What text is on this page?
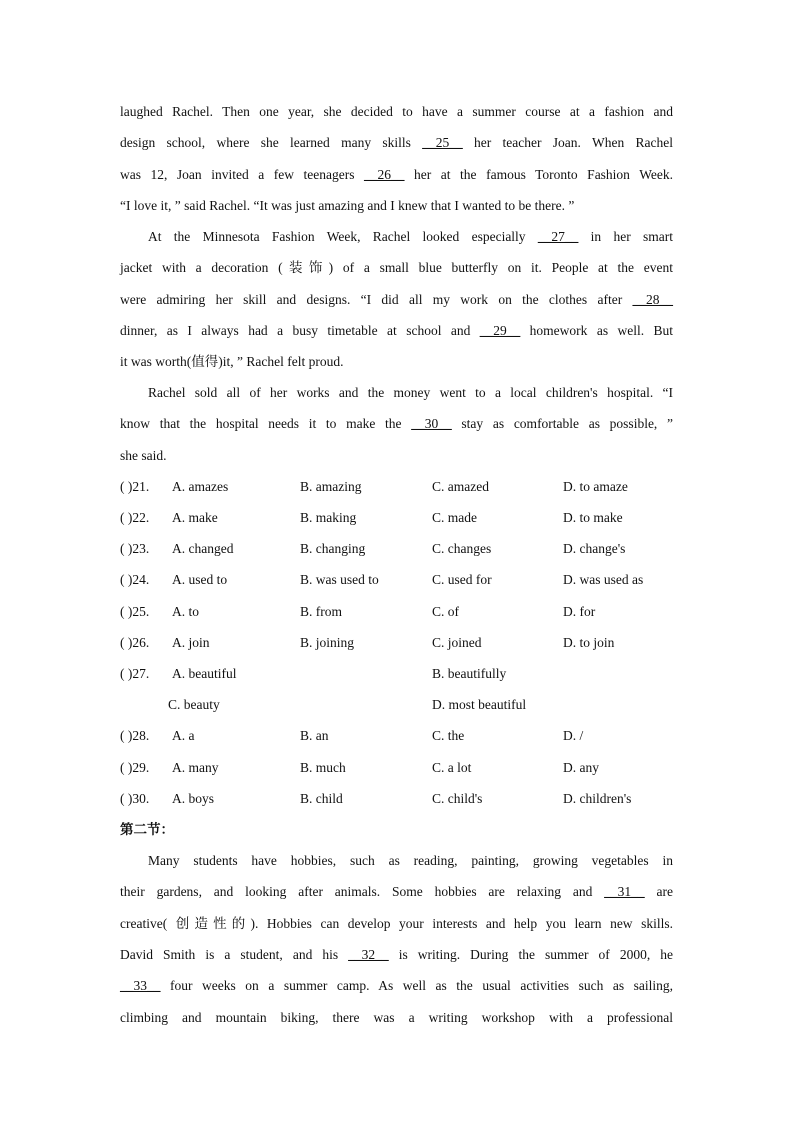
laughed Rachel. Then one year, she decided to have a summer course at a fashion and
design school, where she learned many skills __25__ her teacher Joan. When Rachel
was 12, Joan invited a few teenagers __26__ her at the famous Toronto Fashion Week.
“I love it, ” said Rachel. “It was just amazing and I knew that I wanted to be there. ”
At the Minnesota Fashion Week, Rachel looked especially __27__ in her smart
jacket with a decoration (装饰) of a small blue butterfly on it. People at the event
were admiring her skill and designs. “I did all my work on the clothes after __28__
dinner, as I always had a busy timetable at school and __29__ homework as well. But
it was worth(值得)it, ” Rachel felt proud.
Rachel sold all of her works and the money went to a local children's hospital. “I
know that the hospital needs it to make the __30__ stay as comfortable as possible, ”
she said.
( )21. A. amazes	B. amazing	C. amazed	D. to amaze
( )22. A. make	B. making	C. made	D. to make
( )23. A. changed	B. changing	C. changes	D. change's
( )24. A. used to	B. was used to	C. used for	D. was used as
( )25. A. to	B. from	C. of	D. for
( )26. A. join	B. joining	C. joined	D. to join
( )27. A. beautiful	B. beautifully
C. beauty	D. most beautiful
( )28. A. a	B. an	C. the	D. /
( )29. A. many	B. much	C. a lot	D. any
( )30. A. boys	B. child	C. child's	D. children's
第二节：
Many students have hobbies, such as reading, painting, growing vegetables in
their gardens, and looking after animals. Some hobbies are relaxing and __31__ are
creative( 创造性的). Hobbies can develop your interests and help you learn new skills.
David Smith is a student, and his __32__ is writing. During the summer of 2000, he
__33__ four weeks on a summer camp. As well as the usual activities such as sailing,
climbing and mountain biking, there was a writing workshop with a professional
